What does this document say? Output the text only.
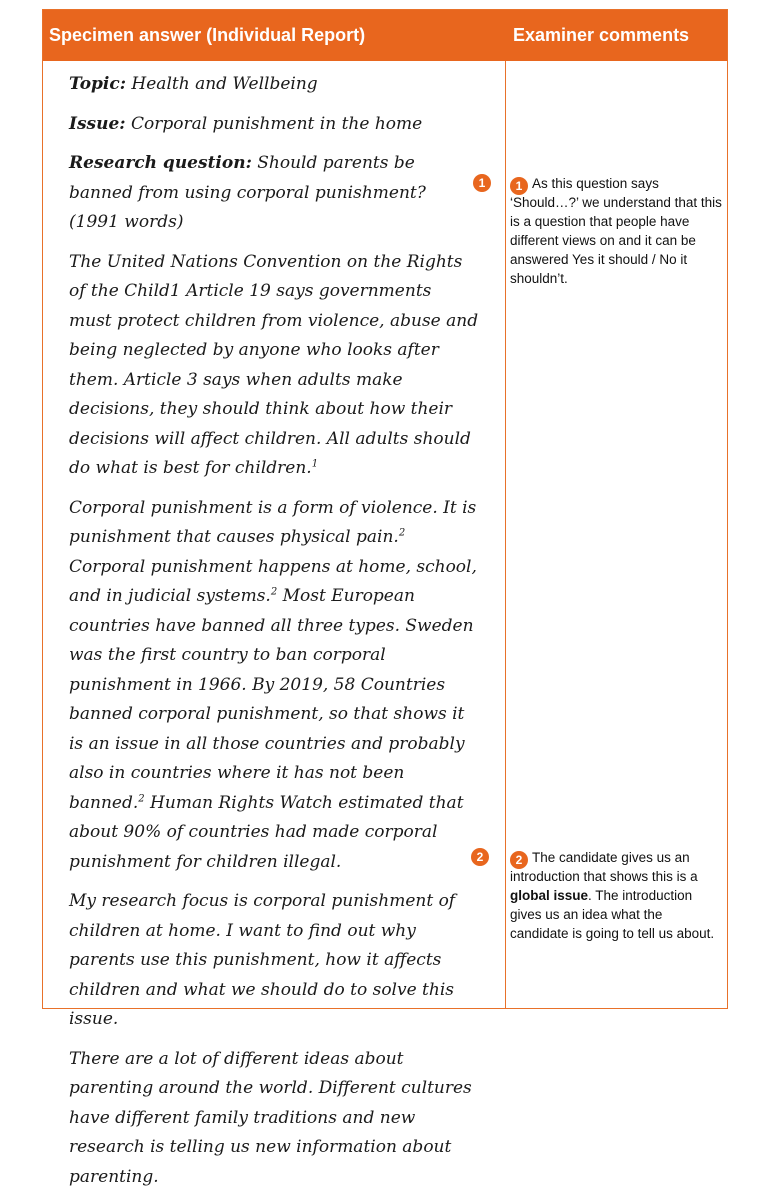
Specimen answer (Individual Report)	Examiner comments

Topic: Health and Wellbeing

Issue: Corporal punishment in the home

Research question: Should parents be banned from using corporal punishment? (1991 words)

The United Nations Convention on the Rights of the Child1 Article 19 says governments must protect children from violence, abuse and being neglected by anyone who looks after them. Article 3 says when adults make decisions, they should think about how their decisions will affect children. All adults should do what is best for children.$^1$

Corporal punishment is a form of violence. It is punishment that causes physical pain.$^2$ Corporal punishment happens at home, school, and in judicial systems.$^2$ Most European countries have banned all three types. Sweden was the first country to ban corporal punishment in 1966. By 2019, 58 Countries banned corporal punishment, so that shows it is an issue in all those countries and probably also in countries where it has not been banned.$^2$ Human Rights Watch estimated that about 90% of countries had made corporal punishment for children illegal.

My research focus is corporal punishment of children at home. I want to find out why parents use this punishment, how it affects children and what we should do to solve this issue.

There are a lot of different ideas about parenting around the world. Different cultures have different family traditions and new research is telling us new information about parenting.

1
2
1 As this question says ‘Should…?’ we understand that this is a question that people have different views on and it can be answered Yes it should / No it shouldn’t.
2 The candidate gives us an introduction that shows this is a global issue. The introduction gives us an idea what the candidate is going to tell us about.
